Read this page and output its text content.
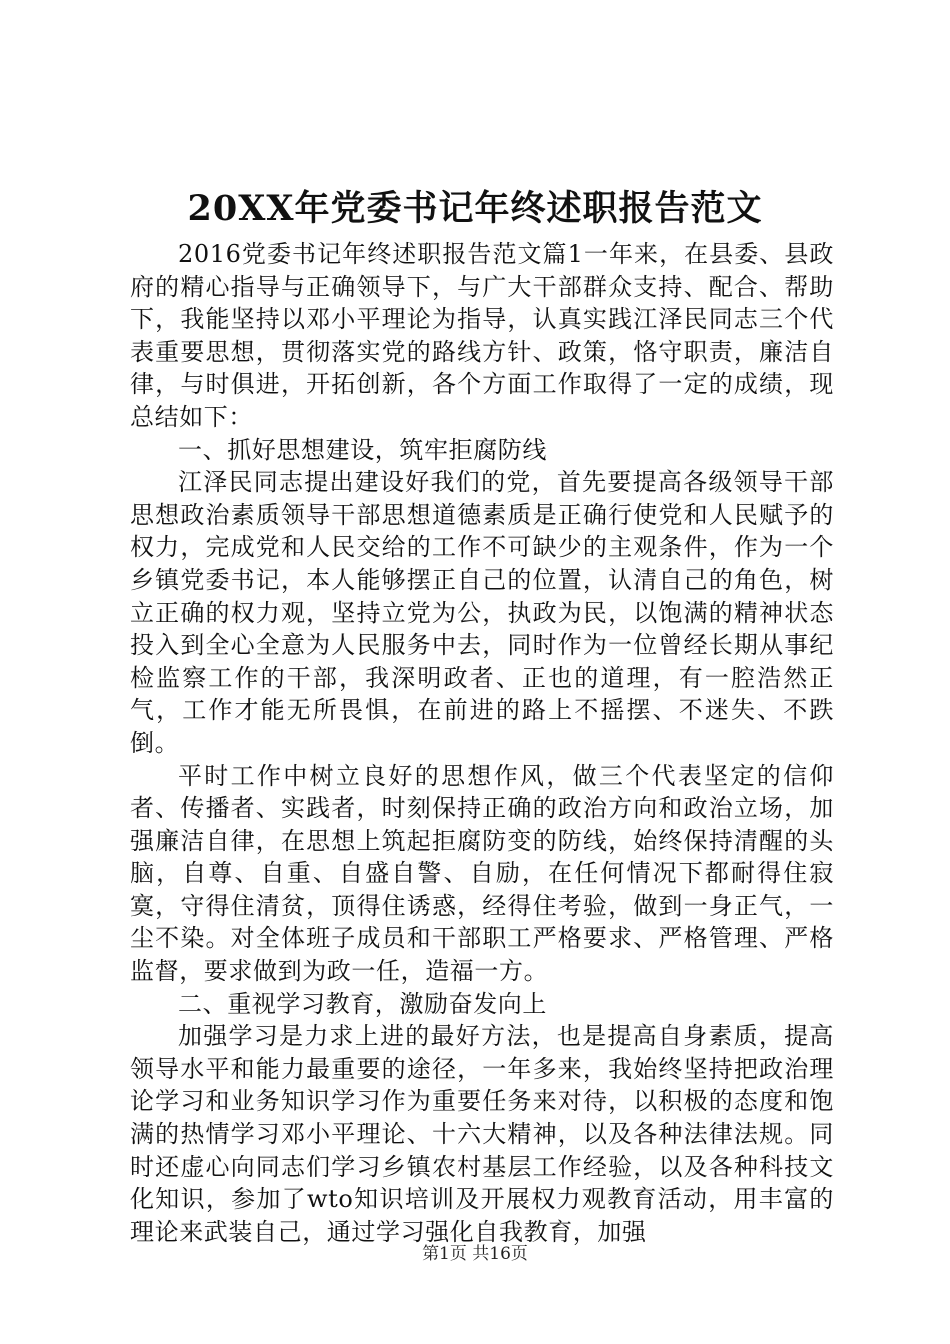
20XX年党委书记年终述职报告范文

2016党委书记年终述职报告范文篇1一年来，在县委、县政府的精心指导与正确领导下，与广大干部群众支持、配合、帮助下，我能坚持以邓小平理论为指导，认真实践江泽民同志三个代表重要思想，贯彻落实党的路线方针、政策，恪守职责，廉洁自律，与时俱进，开拓创新，各个方面工作取得了一定的成绩，现总结如下：

一、抓好思想建设，筑牢拒腐防线

江泽民同志提出建设好我们的党，首先要提高各级领导干部思想政治素质领导干部思想道德素质是正确行使党和人民赋予的权力，完成党和人民交给的工作不可缺少的主观条件，作为一个乡镇党委书记，本人能够摆正自己的位置，认清自己的角色，树立正确的权力观，坚持立党为公，执政为民，以饱满的精神状态投入到全心全意为人民服务中去，同时作为一位曾经长期从事纪检监察工作的干部，我深明政者、正也的道理，有一腔浩然正气，工作才能无所畏惧，在前进的路上不摇摆、不迷失、不跌倒。

平时工作中树立良好的思想作风，做三个代表坚定的信仰者、传播者、实践者，时刻保持正确的政治方向和政治立场，加强廉洁自律，在思想上筑起拒腐防变的防线，始终保持清醒的头脑，自尊、自重、自盛自警、自励，在任何情况下都耐得住寂寞，守得住清贫，顶得住诱惑，经得住考验，做到一身正气，一尘不染。对全体班子成员和干部职工严格要求、严格管理、严格监督，要求做到为政一任，造福一方。

二、重视学习教育，激励奋发向上

加强学习是力求上进的最好方法，也是提高自身素质，提高领导水平和能力最重要的途径，一年多来，我始终坚持把政治理论学习和业务知识学习作为重要任务来对待，以积极的态度和饱满的热情学习邓小平理论、十六大精神，以及各种法律法规。同时还虚心向同志们学习乡镇农村基层工作经验，以及各种科技文化知识，参加了wto知识培训及开展权力观教育活动，用丰富的理论来武装自己，通过学习强化自我教育，加强

第1页 共16页
